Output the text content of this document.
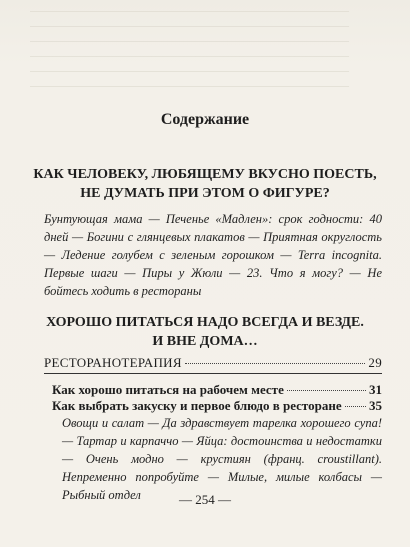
—————————————————————————————
—————————————————————————————
—————————————————————————————
—————————————————————————————
—————————————————————————————
—————————————————————————————
Содержание
КАК ЧЕЛОВЕКУ, ЛЮБЯЩЕМУ ВКУСНО ПОЕСТЬ,
НЕ ДУМАТЬ ПРИ ЭТОМ О ФИГУРЕ?
Бунтующая мама — Печенье «Мадлен»: срок годности: 40 дней — Богини с глянцевых плакатов — Приятная округлость — Ледение голубем с зеленым горошком — Terra incognita. Первые шаги — Пиры у Жюли — 23. Что я могу? — Не бойтесь ходить в рестораны
ХОРОШО ПИТАТЬСЯ НАДО ВСЕГДА И ВЕЗДЕ.
И ВНЕ ДОМА…
РЕСТОРАНОТЕРАПИЯ	29
Как хорошо питаться на рабочем месте	31
Как выбрать закуску и первое блюдо в ресторане 35
Овощи и салат — Да здравствует тарелка хорошего супа! — Тартар и карпаччо — Яйца: достоинства и недостатки — Очень модно — крустиян (франц. croustillant). Непременно попробуйте — Милые, милые колбасы — Рыбный отдел	— 254 —
